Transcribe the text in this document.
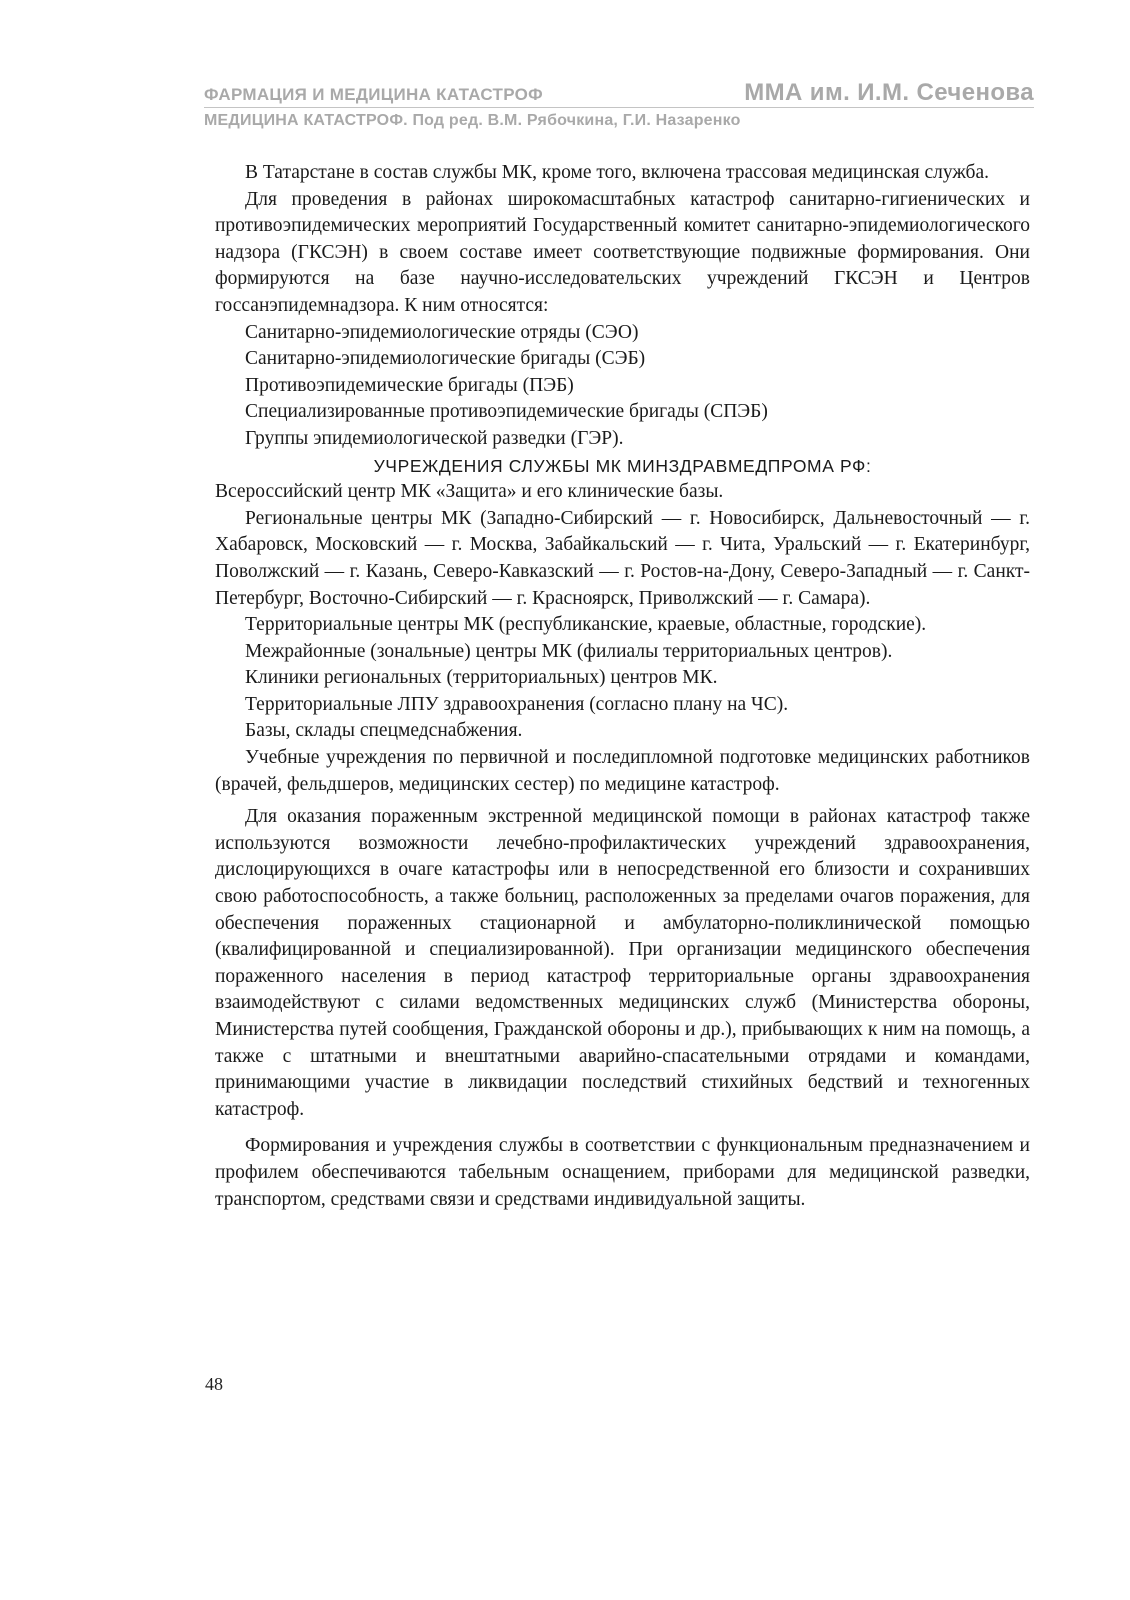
ФАРМАЦИЯ И МЕДИЦИНА КАТАСТРОФ	ММА им. И.М. Сеченова
МЕДИЦИНА КАТАСТРОФ. Под ред. В.М. Рябочкина, Г.И. Назаренко

В Татарстане в состав службы МК, кроме того, включена трассовая медицинская служба.

Для проведения в районах широкомасштабных катастроф санитарно-гигиенических и противоэпидемических мероприятий Государственный комитет санитарно-эпидемиологического надзора (ГКСЭН) в своем составе имеет соответствующие подвижные формирования. Они формируются на базе научно-исследовательских учреждений ГКСЭН и Центров госсанэпидемнадзора. К ним относятся:

Санитарно-эпидемиологические отряды (СЭО)

Санитарно-эпидемиологические бригады (СЭБ)

Противоэпидемические бригады (ПЭБ)

Специализированные противоэпидемические бригады (СПЭБ)

Группы эпидемиологической разведки (ГЭР).

УЧРЕЖДЕНИЯ СЛУЖБЫ МК МИНЗДРАВМЕДПРОМА РФ:

Всероссийский центр МК «Защита» и его клинические базы.

Региональные центры МК (Западно-Сибирский — г. Новосибирск, Дальневосточный — г. Хабаровск, Московский — г. Москва, Забайкальский — г. Чита, Уральский — г. Екатеринбург, Поволжский — г. Казань, Северо-Кавказский — г. Ростов-на-Дону, Северо-Западный — г. Санкт-Петербург, Восточно-Сибирский — г. Красноярск, Приволжский — г. Самара).

Территориальные центры МК (республиканские, краевые, областные, городские).

Межрайонные (зональные) центры МК (филиалы территориальных центров).

Клиники региональных (территориальных) центров МК.

Территориальные ЛПУ здравоохранения (согласно плану на ЧС).

Базы, склады спецмедснабжения.

Учебные учреждения по первичной и последипломной подготовке медицинских работников (врачей, фельдшеров, медицинских сестер) по медицине катастроф.

Для оказания пораженным экстренной медицинской помощи в районах катастроф также используются возможности лечебно-профилактических учреждений здравоохранения, дислоцирующихся в очаге катастрофы или в непосредственной его близости и сохранивших свою работоспособность, а также больниц, расположенных за пределами очагов поражения, для обеспечения пораженных стационарной и амбулаторно-поликлинической помощью (квалифицированной и специализированной). При организации медицинского обеспечения пораженного населения в период катастроф территориальные органы здравоохранения взаимодействуют с силами ведомственных медицинских служб (Министерства обороны, Министерства путей сообщения, Гражданской обороны и др.), прибывающих к ним на помощь, а также с штатными и внештатными аварийно-спасательными отрядами и командами, принимающими участие в ликвидации последствий стихийных бедствий и техногенных катастроф.

Формирования и учреждения службы в соответствии с функциональным предназначением и профилем обеспечиваются табельным оснащением, приборами для медицинской разведки, транспортом, средствами связи и средствами индивидуальной защиты.

48
